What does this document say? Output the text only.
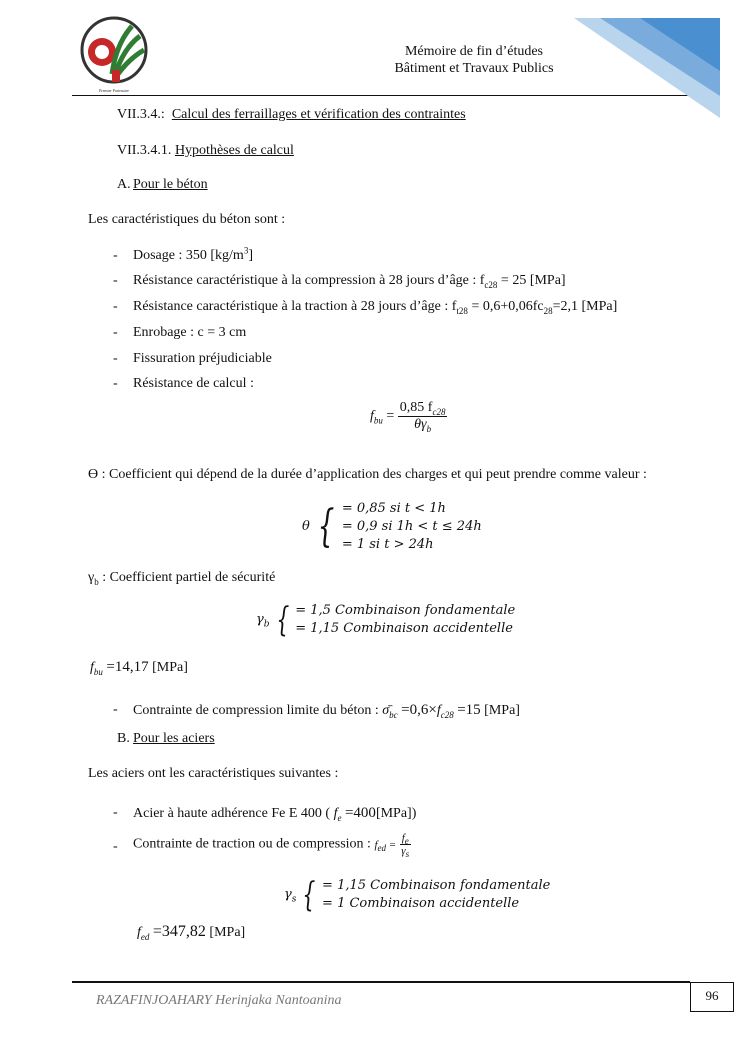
Premier Partenaire
Mémoire de fin d’études
Bâtiment et Travaux Publics
VII.3.4.: Calcul des ferraillages et vérification des contraintes
VII.3.4.1. Hypothèses de calcul
A. Pour le béton
Les caractéristiques du béton sont :
- Dosage : 350 $[kg/m^3]$
- Résistance caractéristique à la compression à 28 jours d’âge : $f_{c28} = 25$ [MPa]
- Résistance caractéristique à la traction à 28 jours d’âge : $f_{t28} = 0,6+0,06fc_{28}=2,1$ [MPa]
- Enrobage : c = 3 cm
- Fissuration préjudiciable
- Résistance de calcul :
$f_{bu} = \frac{0,85 f_{c28}}{\theta\gamma_b}$
ϴ : Coefficient qui dépend de la durée d’application des charges et qui peut prendre comme valeur :
θ { = 0,85 si t < 1h
= 0,9 si 1h < t ≤ 24h
= 1 si t > 24h
$\gamma_b$ : Coefficient partiel de sécurité
$\gamma_b$ { = 1,5 Combinaison fondamentale
= 1,15 Combinaison accidentelle
$f_{bu} =14,17$ [MPa]
- Contrainte de compression limite du béton : $\sigmā_{bc} =0,6\times f_{c28} =15$ [MPa]
B. Pour les aciers
Les aciers ont les caractéristiques suivantes :
- Acier à haute adhérence Fe E 400 ( $f_e =400[MPa]$)
- Contrainte de traction ou de compression : $f_{ed} = \frac{f_e}{\gamma_s}$
$\gamma_s$ { = 1,15 Combinaison fondamentale
= 1 Combinaison accidentelle
$f_{ed} =347,82$ [MPa]
RAZAFINJOAHARY Herinjaka Nantoanina	96
